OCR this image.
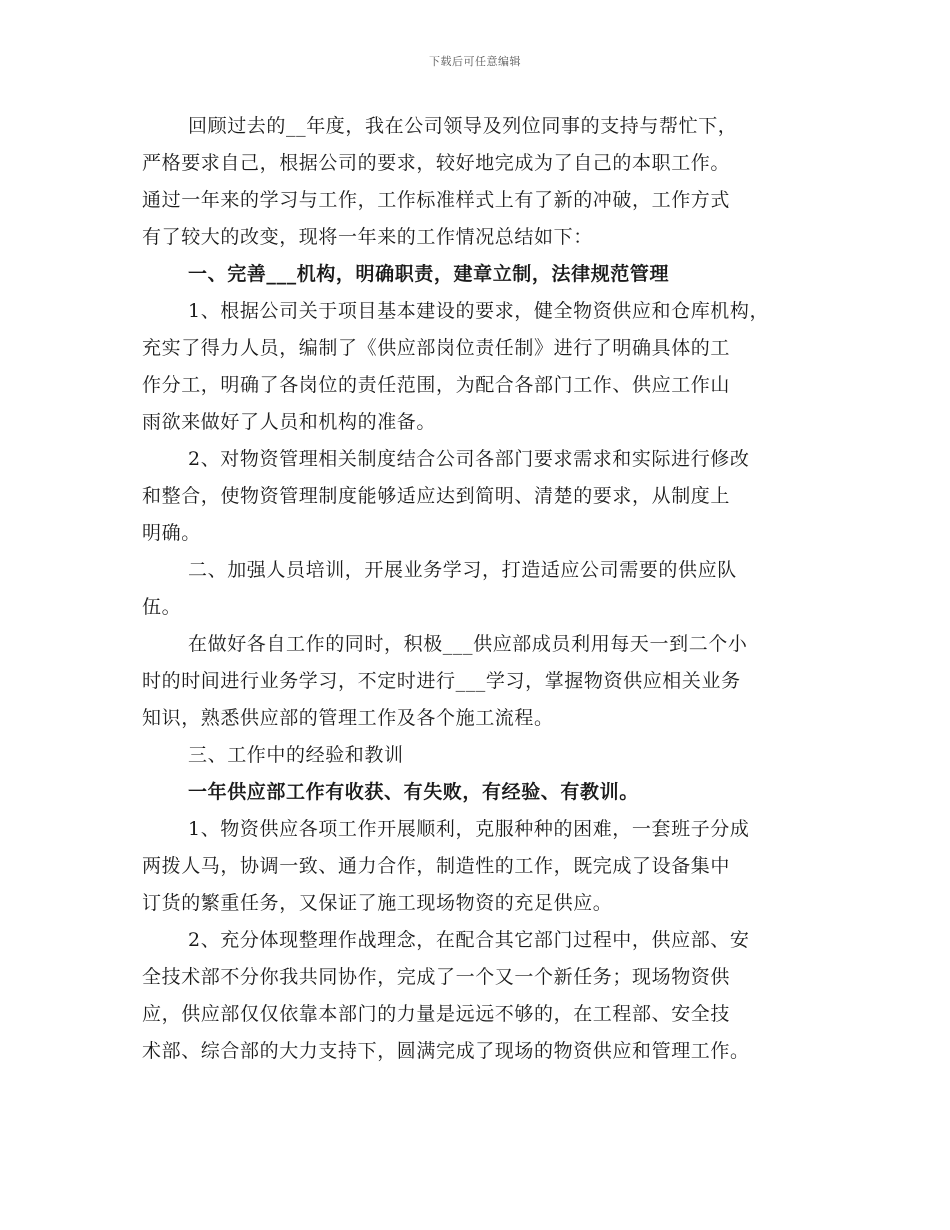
下载后可任意编辑
回顾过去的__年度，我在公司领导及列位同事的支持与帮忙下，
严格要求自己，根据公司的要求，较好地完成为了自己的本职工作。
通过一年来的学习与工作，工作标准样式上有了新的冲破，工作方式
有了较大的改变，现将一年来的工作情况总结如下：
一、完善___机构，明确职责，建章立制，法律规范管理
1、根据公司关于项目基本建设的要求，健全物资供应和仓库机构，
充实了得力人员，编制了《供应部岗位责任制》进行了明确具体的工
作分工，明确了各岗位的责任范围，为配合各部门工作、供应工作山
雨欲来做好了人员和机构的准备。
2、对物资管理相关制度结合公司各部门要求需求和实际进行修改
和整合，使物资管理制度能够适应达到简明、清楚的要求，从制度上
明确。
二、加强人员培训，开展业务学习，打造适应公司需要的供应队
伍。
在做好各自工作的同时，积极___供应部成员利用每天一到二个小
时的时间进行业务学习，不定时进行___学习，掌握物资供应相关业务
知识，熟悉供应部的管理工作及各个施工流程。
三、工作中的经验和教训
一年供应部工作有收获、有失败，有经验、有教训。
1、物资供应各项工作开展顺利，克服种种的困难，一套班子分成
两拨人马，协调一致、通力合作，制造性的工作，既完成了设备集中
订货的繁重任务，又保证了施工现场物资的充足供应。
2、充分体现整理作战理念，在配合其它部门过程中，供应部、安
全技术部不分你我共同协作，完成了一个又一个新任务；现场物资供
应，供应部仅仅依靠本部门的力量是远远不够的，在工程部、安全技
术部、综合部的大力支持下，圆满完成了现场的物资供应和管理工作。
